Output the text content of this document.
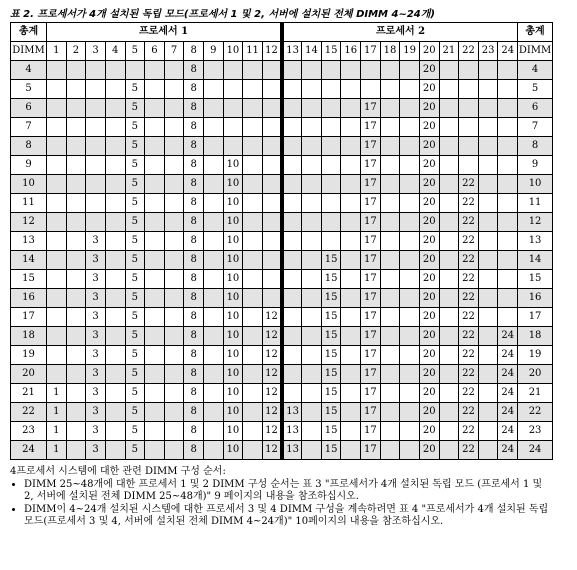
표 2. 프로세서가 4개 설치된 독립 모드(프로세서 1 및 2, 서버에 설치된 전체 DIMM 4~24개)
총계	프로세서 1												프로세서 2												총계
DIMM	1	2	3	4	5	6	7	8	9	10	11	12	13	14	15	16	17	18	19	20	21	22	23	24	DIMM
4								8												20					4
5					5			8												20					5
6					5			8									17			20					6
7					5			8									17			20					7
8					5			8									17			20					8
9					5			8		10							17			20					9
10					5			8		10							17			20		22			10
11					5			8		10							17			20		22			11
12					5			8		10							17			20		22			12
13			3		5			8		10							17			20		22			13
14			3		5			8		10					15		17			20		22			14
15			3		5			8		10					15		17			20		22			15
16			3		5			8		10					15		17			20		22			16
17			3		5			8		10		12			15		17			20		22			17
18			3		5			8		10		12			15		17			20		22		24	18
19			3		5			8		10		12			15		17			20		22		24	19
20			3		5			8		10		12			15		17			20		22		24	20
21	1		3		5			8		10		12			15		17			20		22		24	21
22	1		3		5			8		10		12	13		15		17			20		22		24	22
23	1		3		5			8		10		12	13		15		17			20		22		24	23
24	1		3		5			8		10		12	13		15		17			20		22		24	24
4프로세서 시스템에 대한 관련 DIMM 구성 순서:
• DIMM 25~48개에 대한 프로세서 1 및 2 DIMM 구성 순서는 표 3 "프로세서가 4개 설치된 독립 모드 (프로세서 1 및 2, 서버에 설치된 전체 DIMM 25~48개)" 9 페이지의 내용을 참조하십시오.
• DIMM이 4~24개 설치된 시스템에 대한 프로세서 3 및 4 DIMM 구성을 계속하려면 표 4 "프로세서가 4개 설치된 독립 모드(프로세서 3 및 4, 서버에 설치된 전체 DIMM 4~24개)" 10페이지의 내용을 참조하십시오.
